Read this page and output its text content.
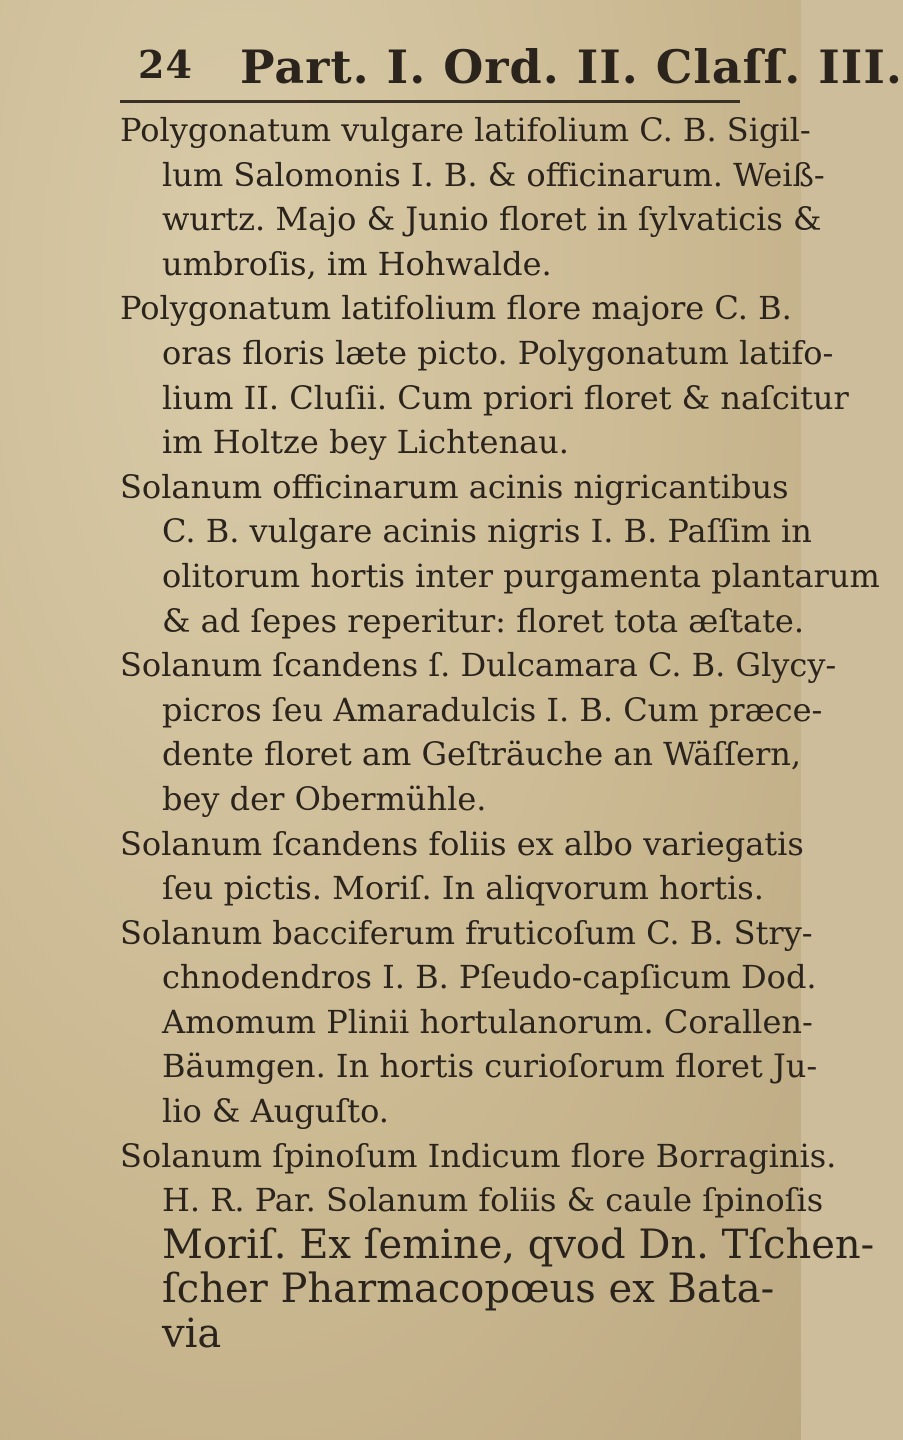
24 Part. I. Ord. II. Claſſ. III.
Polygonatum vulgare latifolium C. B. Sigil-
lum Salomonis I. B. & officinarum. Weiß-
wurtz. Majo & Junio floret in ſylvaticis &
umbroſis, im Hohwalde.
Polygonatum latifolium flore majore C. B.
oras floris læte picto. Polygonatum latifo-
lium II. Cluſii. Cum priori floret & naſcitur
im Holtze bey Lichtenau.
Solanum officinarum acinis nigricantibus
C. B. vulgare acinis nigris I. B. Paſſim in
olitorum hortis inter purgamenta plantarum
& ad ſepes reperitur: floret tota æſtate.
Solanum ſcandens ſ. Dulcamara C. B. Glycy-
picros ſeu Amaradulcis I. B. Cum præce-
dente floret am Geſträuche an Wäſſern,
bey der Obermühle.
Solanum ſcandens foliis ex albo variegatis
ſeu pictis. Moriſ. In aliqvorum hortis.
Solanum bacciferum fruticoſum C. B. Stry-
chnodendros I. B. Pſeudo-capſicum Dod.
Amomum Plinii hortulanorum. Corallen-
Bäumgen. In hortis curioſorum floret Ju-
lio & Auguſto.
Solanum ſpinoſum Indicum flore Borraginis.
H. R. Par. Solanum foliis & caule ſpinoſis
Moriſ. Ex ſemine, qvod Dn. Tſchen-
ſcher Pharmacopœus ex Bata-
via
